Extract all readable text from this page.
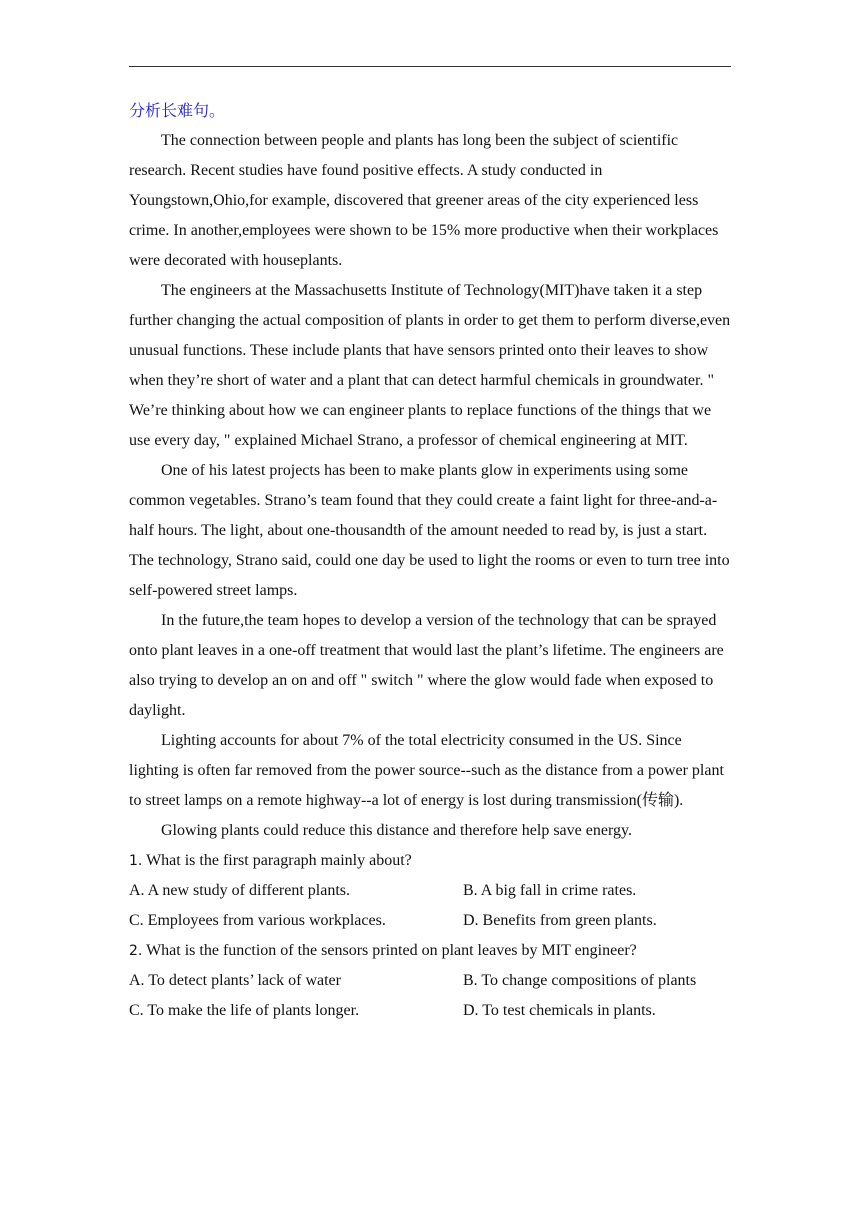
分析长难句。

The connection between people and plants has long been the subject of scientific research. Recent studies have found positive effects. A study conducted in Youngstown,Ohio,for example, discovered that greener areas of the city experienced less crime. In another,employees were shown to be 15% more productive when their workplaces were decorated with houseplants.

The engineers at the Massachusetts Institute of Technology(MIT)have taken it a step further changing the actual composition of plants in order to get them to perform diverse,even unusual functions. These include plants that have sensors printed onto their leaves to show when they’re short of water and a plant that can detect harmful chemicals in groundwater. " We’re thinking about how we can engineer plants to replace functions of the things that we use every day, " explained Michael Strano, a professor of chemical engineering at MIT.

One of his latest projects has been to make plants glow in experiments using some common vegetables. Strano’s team found that they could create a faint light for three-and-a-half hours. The light, about one-thousandth of the amount needed to read by, is just a start. The technology, Strano said, could one day be used to light the rooms or even to turn tree into self-powered street lamps.

In the future,the team hopes to develop a version of the technology that can be sprayed onto plant leaves in a one-off treatment that would last the plant’s lifetime. The engineers are also trying to develop an on and off " switch " where the glow would fade when exposed to daylight.

Lighting accounts for about 7% of the total electricity consumed in the US. Since lighting is often far removed from the power source--such as the distance from a power plant to street lamps on a remote highway--a lot of energy is lost during transmission(传输).

Glowing plants could reduce this distance and therefore help save energy.

1. What is the first paragraph mainly about?

A. A new study of different plants.	B. A big fall in crime rates.
C. Employees from various workplaces.	D. Benefits from green plants.

2. What is the function of the sensors printed on plant leaves by MIT engineer?

A. To detect plants’ lack of water	B. To change compositions of plants
C. To make the life of plants longer.	D. To test chemicals in plants.
